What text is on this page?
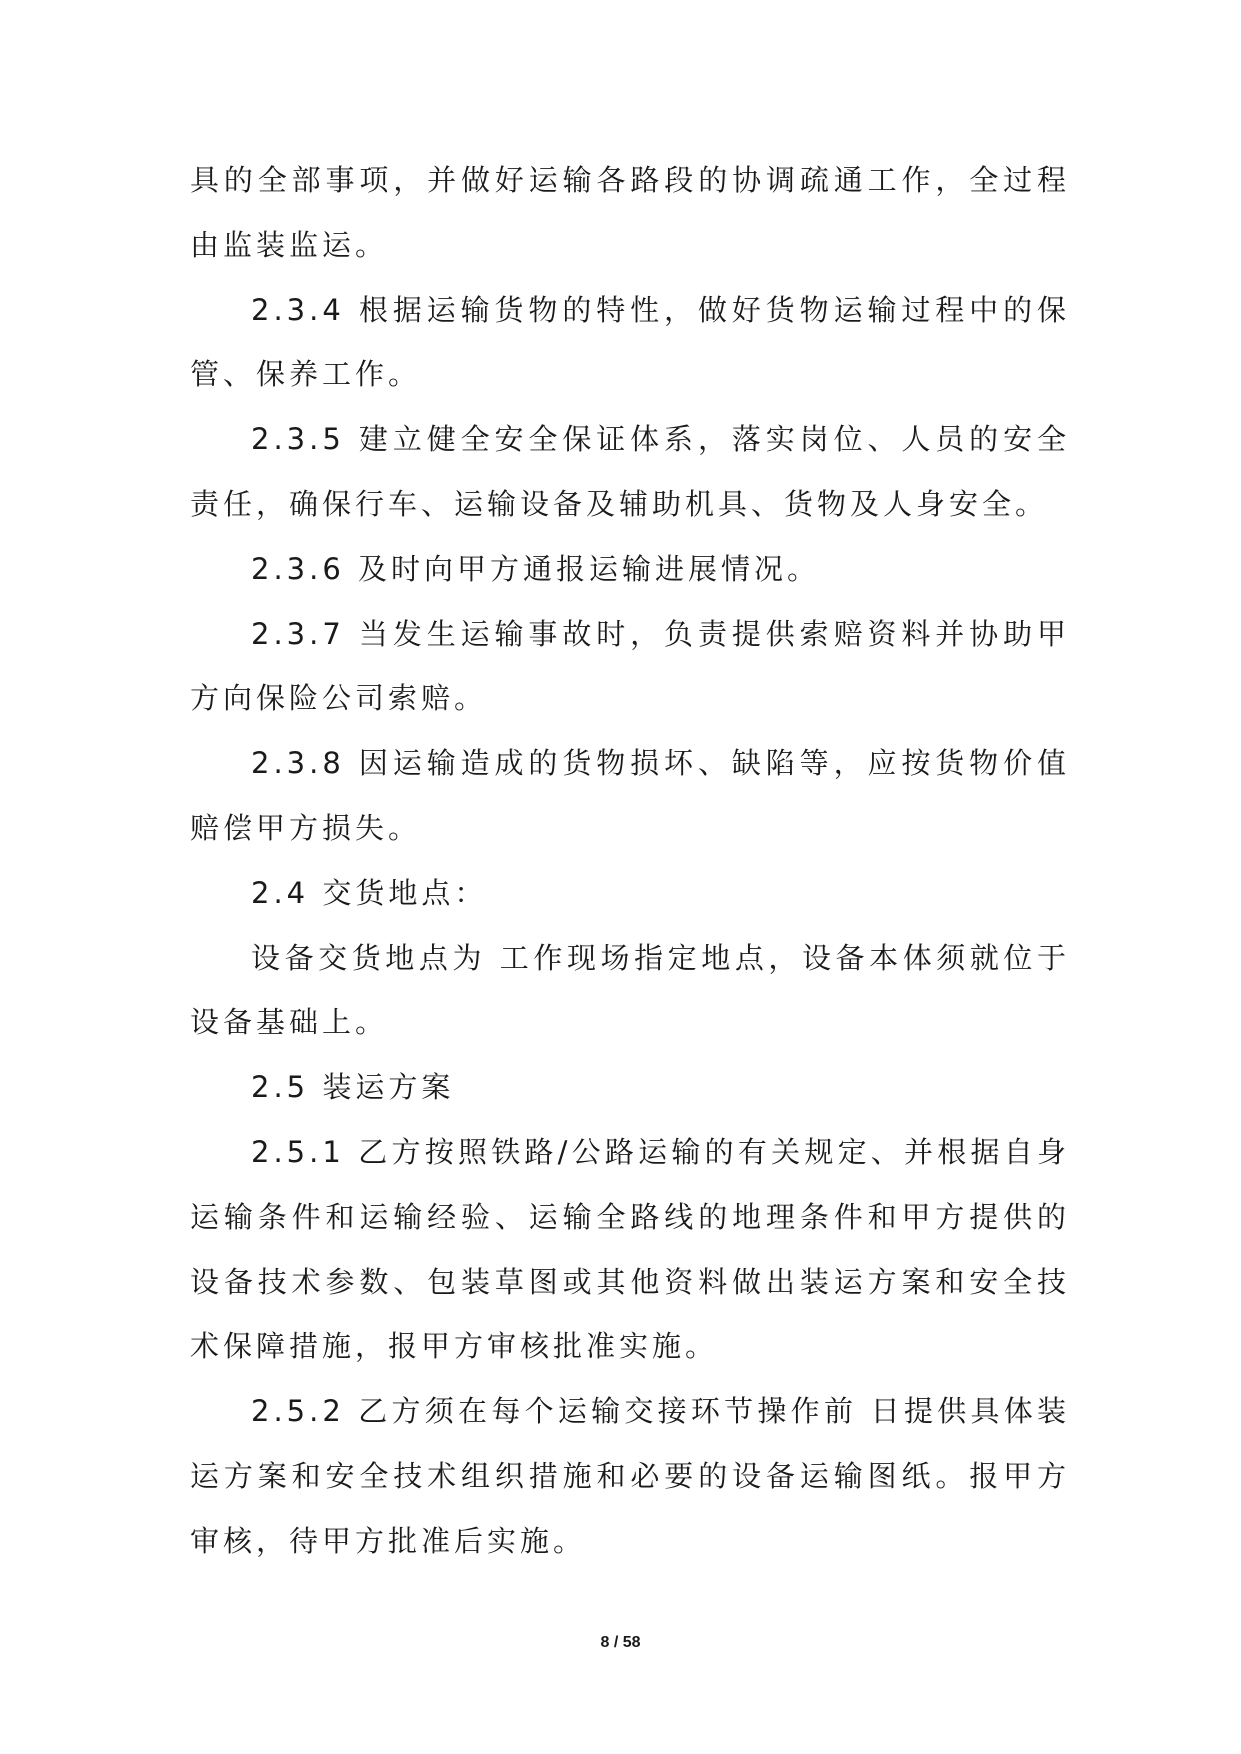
具的全部事项，并做好运输各路段的协调疏通工作，全过程由监装监运。

2.3.4 根据运输货物的特性，做好货物运输过程中的保管、保养工作。

2.3.5 建立健全安全保证体系，落实岗位、人员的安全责任，确保行车、运输设备及辅助机具、货物及人身安全。

2.3.6 及时向甲方通报运输进展情况。

2.3.7 当发生运输事故时，负责提供索赔资料并协助甲方向保险公司索赔。

2.3.8 因运输造成的货物损坏、缺陷等，应按货物价值赔偿甲方损失。

2.4 交货地点：

设备交货地点为 工作现场指定地点，设备本体须就位于设备基础上。

2.5 装运方案

2.5.1 乙方按照铁路/公路运输的有关规定、并根据自身运输条件和运输经验、运输全路线的地理条件和甲方提供的设备技术参数、包装草图或其他资料做出装运方案和安全技术保障措施，报甲方审核批准实施。

2.5.2 乙方须在每个运输交接环节操作前 日提供具体装运方案和安全技术组织措施和必要的设备运输图纸。报甲方审核，待甲方批准后实施。

8 / 58
